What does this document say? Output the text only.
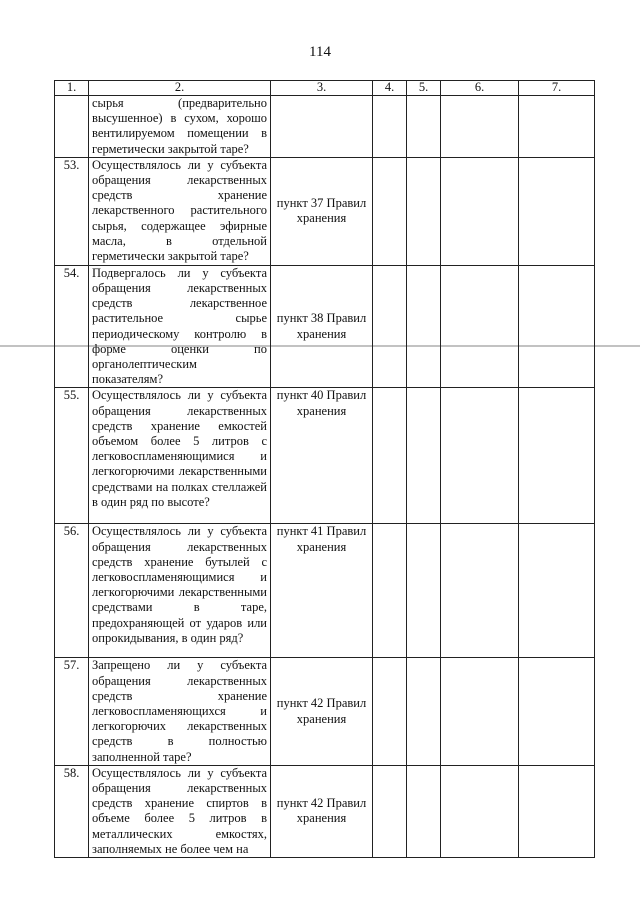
114
1.	2.	3.	4.	5.	6.	7.
	сырья (предварительно высушенное) в сухом, хорошо вентилируемом помещении в герметически закрытой таре?					
53.	Осуществлялось ли у субъекта обращения лекарственных средств хранение лекарственного растительного сырья, содержащее эфирные масла, в отдельной герметически закрытой таре?	пункт 37 Правил хранения				
54.	Подвергалось ли у субъекта обращения лекарственных средств лекарственное растительное сырье периодическому контролю в форме оценки по органолептическим показателям?	пункт 38 Правил хранения				
55.	Осуществлялось ли у субъекта обращения лекарственных средств хранение емкостей объемом более 5 литров с легковоспламеняющимися и легкогорючими лекарственными средствами на полках стеллажей в один ряд по высоте?	пункт 40 Правил хранения				
56.	Осуществлялось ли у субъекта обращения лекарственных средств хранение бутылей с легковоспламеняющимися и легкогорючими лекарственными средствами в таре, предохраняющей от ударов или опрокидывания, в один ряд?	пункт 41 Правил хранения				
57.	Запрещено ли у субъекта обращения лекарственных средств хранение легковоспламеняющихся и легкогорючих лекарственных средств в полностью заполненной таре?	пункт 42 Правил хранения				
58.	Осуществлялось ли у субъекта обращения лекарственных средств хранение спиртов в объеме более 5 литров в металлических емкостях, заполняемых не более чем на	пункт 42 Правил хранения				
